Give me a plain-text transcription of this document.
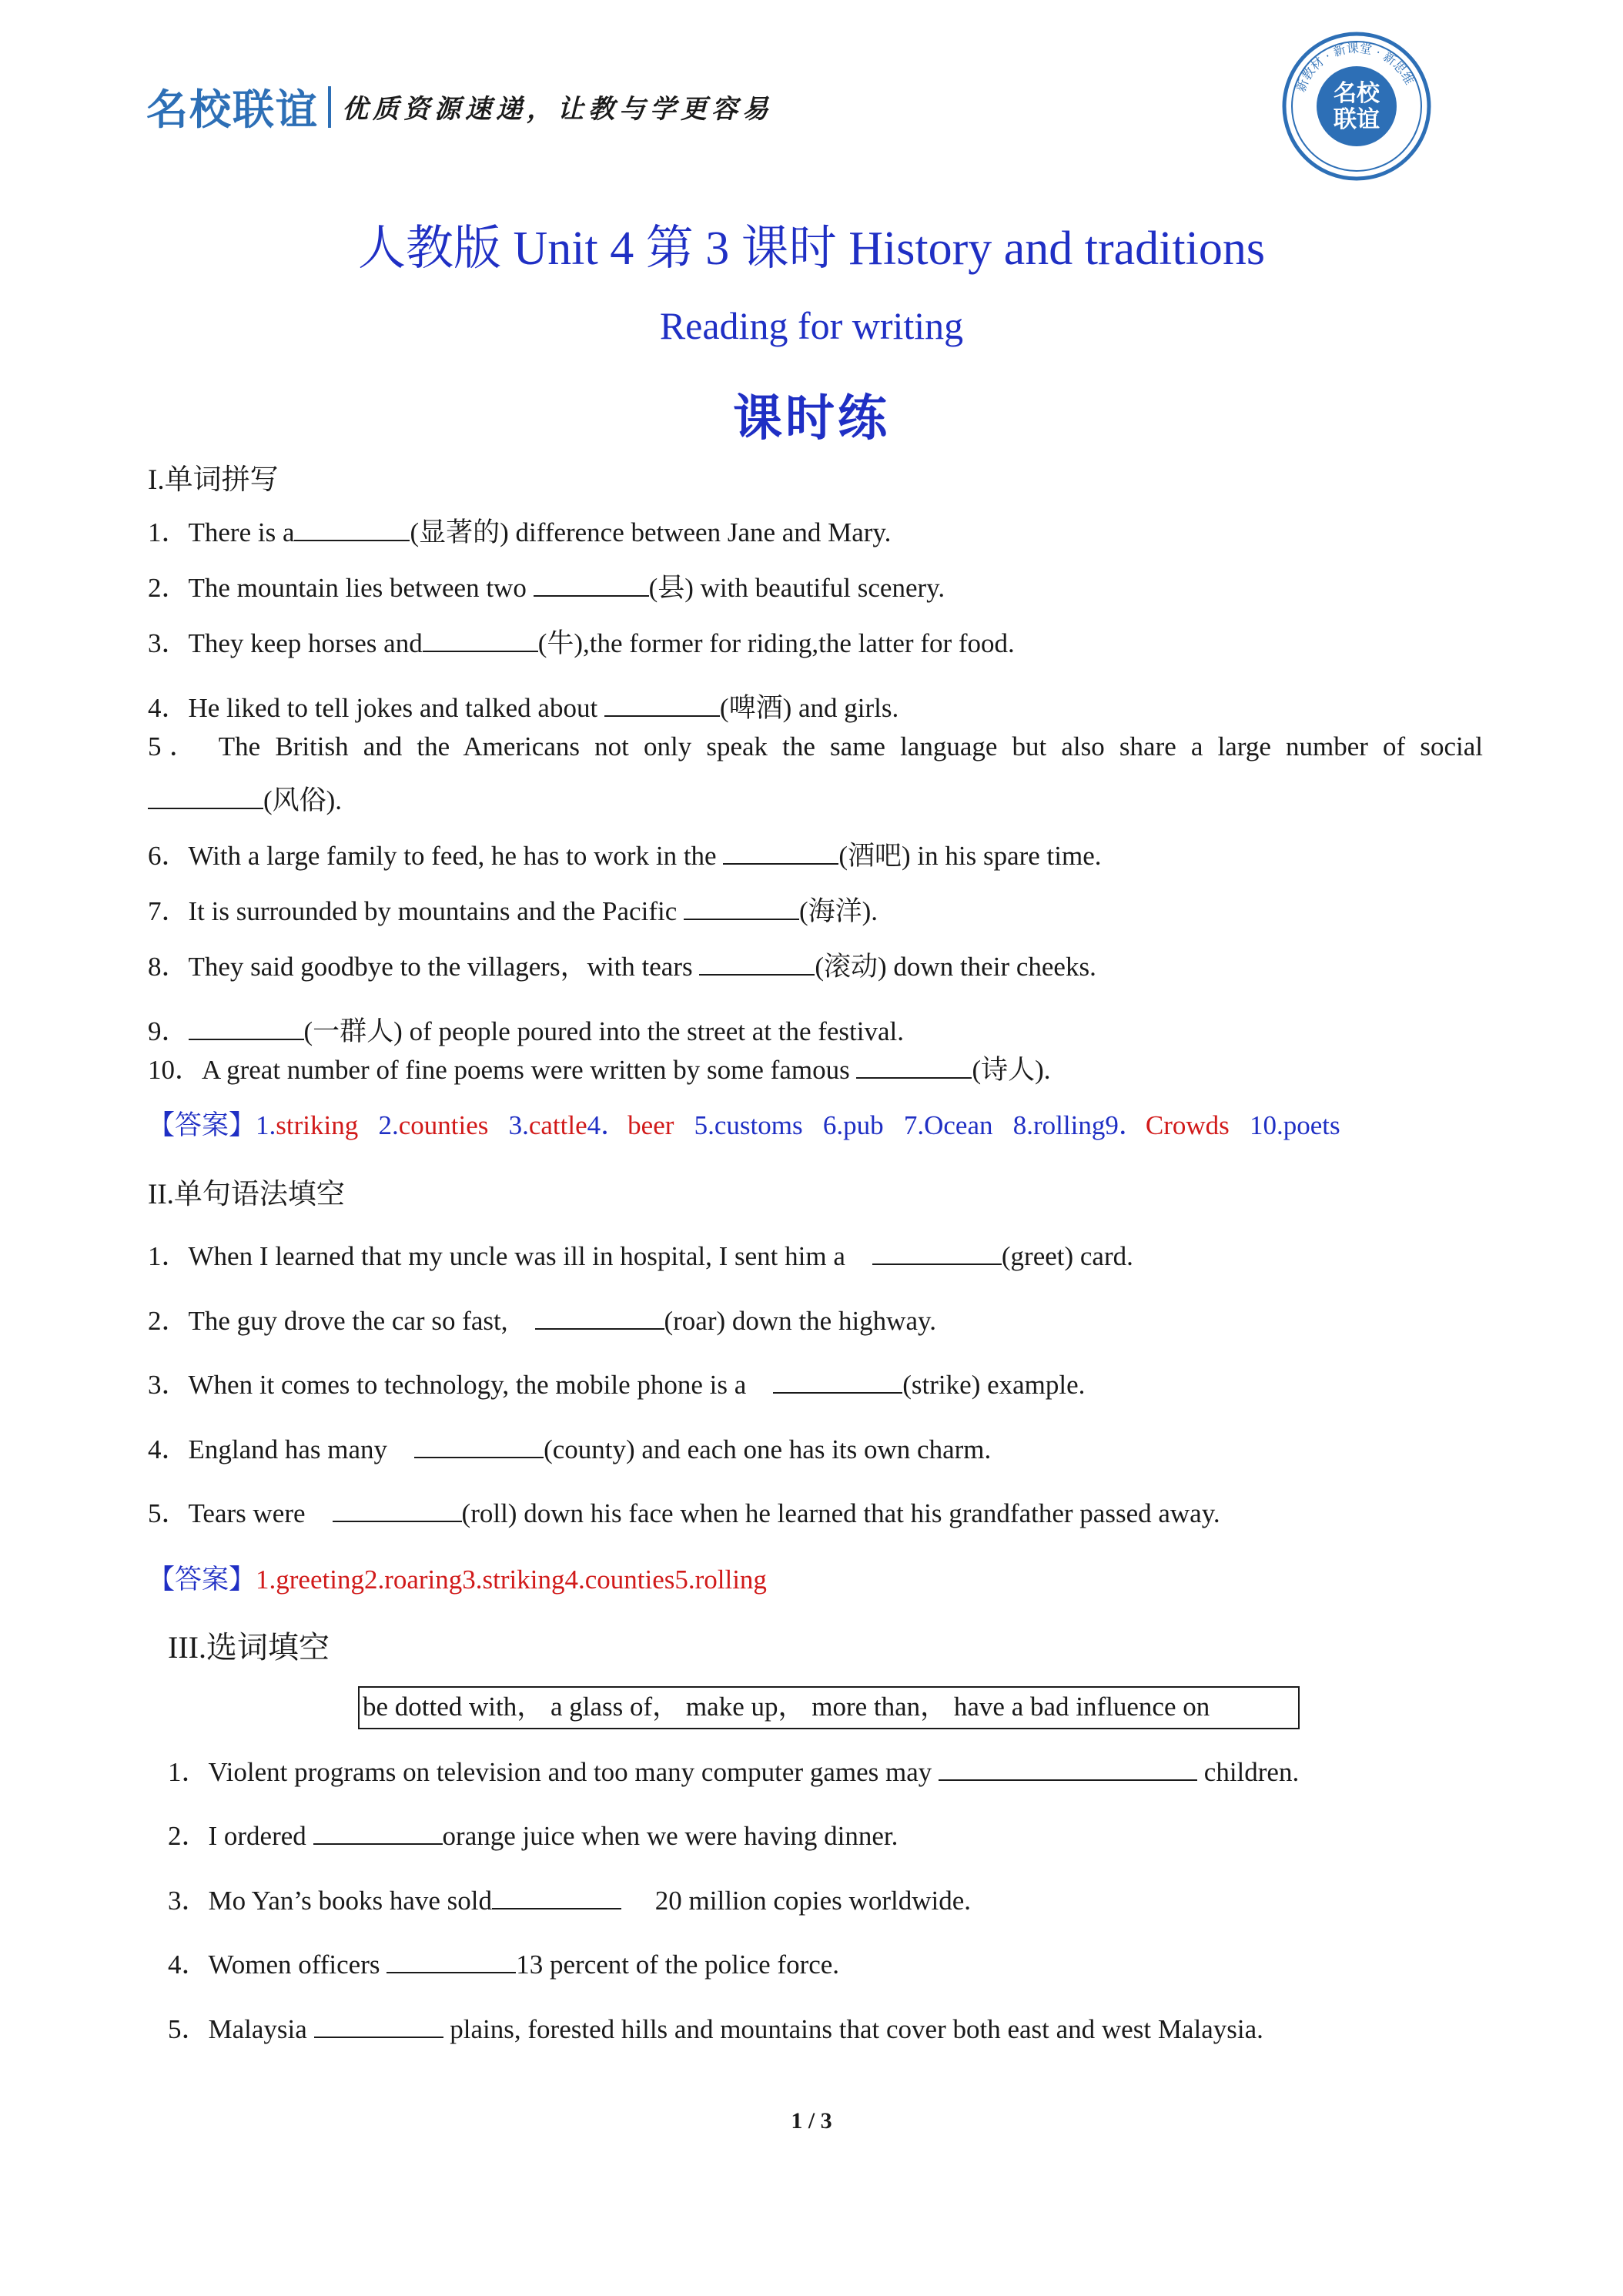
名校联谊 优质资源速递，让教与学更容易
名校
联谊
新教材 · 新课堂 · 新思维
人教版 Unit 4 第 3 课时 History and traditions
Reading for writing
课时练
I.单词拼写
1．There is a	(显著的) difference between Jane and Mary.
2．The mountain lies between two	(县) with beautiful scenery.
3．They keep horses and	(牛),the former for riding,the latter for food.
4．He liked to tell jokes and talked about	(啤酒) and girls.
5． The British and the Americans not only speak the same language but also share a large number of social
(风俗).
6．With a large family to feed, he has to work in the	(酒吧) in his spare time.
7．It is surrounded by mountains and the Pacific	(海洋).
8．They said goodbye to the villagers，with tears	(滚动) down their cheeks.
9．	(一群人) of people poured into the street at the festival.
10．A great number of fine poems were written by some famous	(诗人).
【答案】1.striking 2.counties 3.cattle4．beer 5.customs 6.pub 7.Ocean 8.rolling9．Crowds 10.poets
II.单句语法填空
1．When I learned that my uncle was ill in hospital, I sent him a	(greet) card.
2．The guy drove the car so fast,	(roar) down the highway.
3．When it comes to technology, the mobile phone is a	(strike) example.
4．England has many	(county) and each one has its own charm.
5．Tears were	(roll) down his face when he learned that his grandfather passed away.
【答案】1.greeting2.roaring3.striking4.counties5.rolling
III.选词填空
be dotted with， a glass of， make up， more than， have a bad influence on
1．Violent programs on television and too many computer games may	children.
2．I ordered	orange juice when we were having dinner.
3．Mo Yan’s books have sold	20 million copies worldwide.
4．Women officers	13 percent of the police force.
5．Malaysia	plains, forested hills and mountains that cover both east and west Malaysia.
1 / 3
